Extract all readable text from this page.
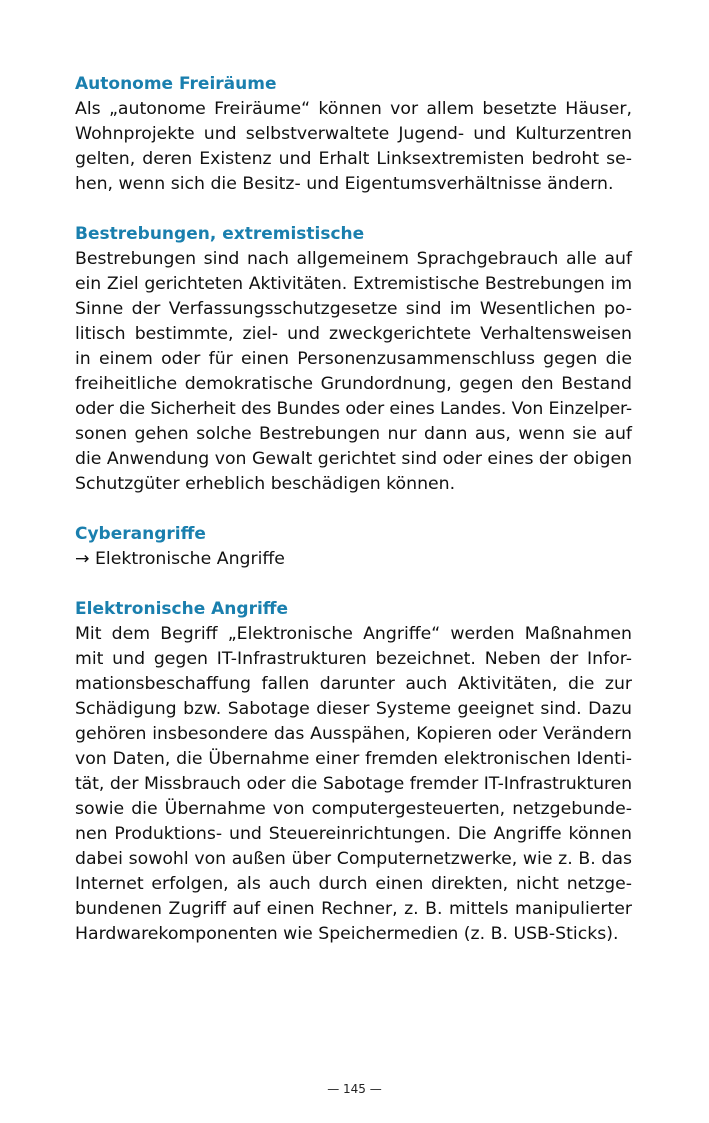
Autonome Freiräume
Als „autonome Freiräume“ können vor allem besetzte Häuser,
Wohnprojekte und selbstverwaltete Jugend- und Kulturzentren
gelten, deren Existenz und Erhalt Linksextremisten bedroht se-
hen, wenn sich die Besitz- und Eigentumsverhältnisse ändern.
Bestrebungen, extremistische
Bestrebungen sind nach allgemeinem Sprachgebrauch alle auf
ein Ziel gerichteten Aktivitäten. Extremistische Bestrebungen im
Sinne der Verfassungsschutzgesetze sind im Wesentlichen po-
litisch bestimmte, ziel- und zweckgerichtete Verhaltensweisen
in einem oder für einen Personenzusammenschluss gegen die
freiheitliche demokratische Grundordnung, gegen den Bestand
oder die Sicherheit des Bundes oder eines Landes. Von Einzelper-
sonen gehen solche Bestrebungen nur dann aus, wenn sie auf
die Anwendung von Gewalt gerichtet sind oder eines der obigen
Schutzgüter erheblich beschädigen können.
Cyberangriffe
→ Elektronische Angriffe
Elektronische Angriffe
Mit dem Begriff „Elektronische Angriffe“ werden Maßnahmen
mit und gegen IT-Infrastrukturen bezeichnet. Neben der Infor-
mationsbeschaffung fallen darunter auch Aktivitäten, die zur
Schädigung bzw. Sabotage dieser Systeme geeignet sind. Dazu
gehören insbesondere das Ausspähen, Kopieren oder Verändern
von Daten, die Übernahme einer fremden elektronischen Identi-
tät, der Missbrauch oder die Sabotage fremder IT-Infrastrukturen
sowie die Übernahme von computergesteuerten, netzgebunde-
nen Produktions- und Steuereinrichtungen. Die Angriffe können
dabei sowohl von außen über Computernetzwerke, wie z. B. das
Internet erfolgen, als auch durch einen direkten, nicht netzge-
bundenen Zugriff auf einen Rechner, z. B. mittels manipulierter
Hardwarekomponenten wie Speichermedien (z. B. USB-Sticks).
— 145 —
